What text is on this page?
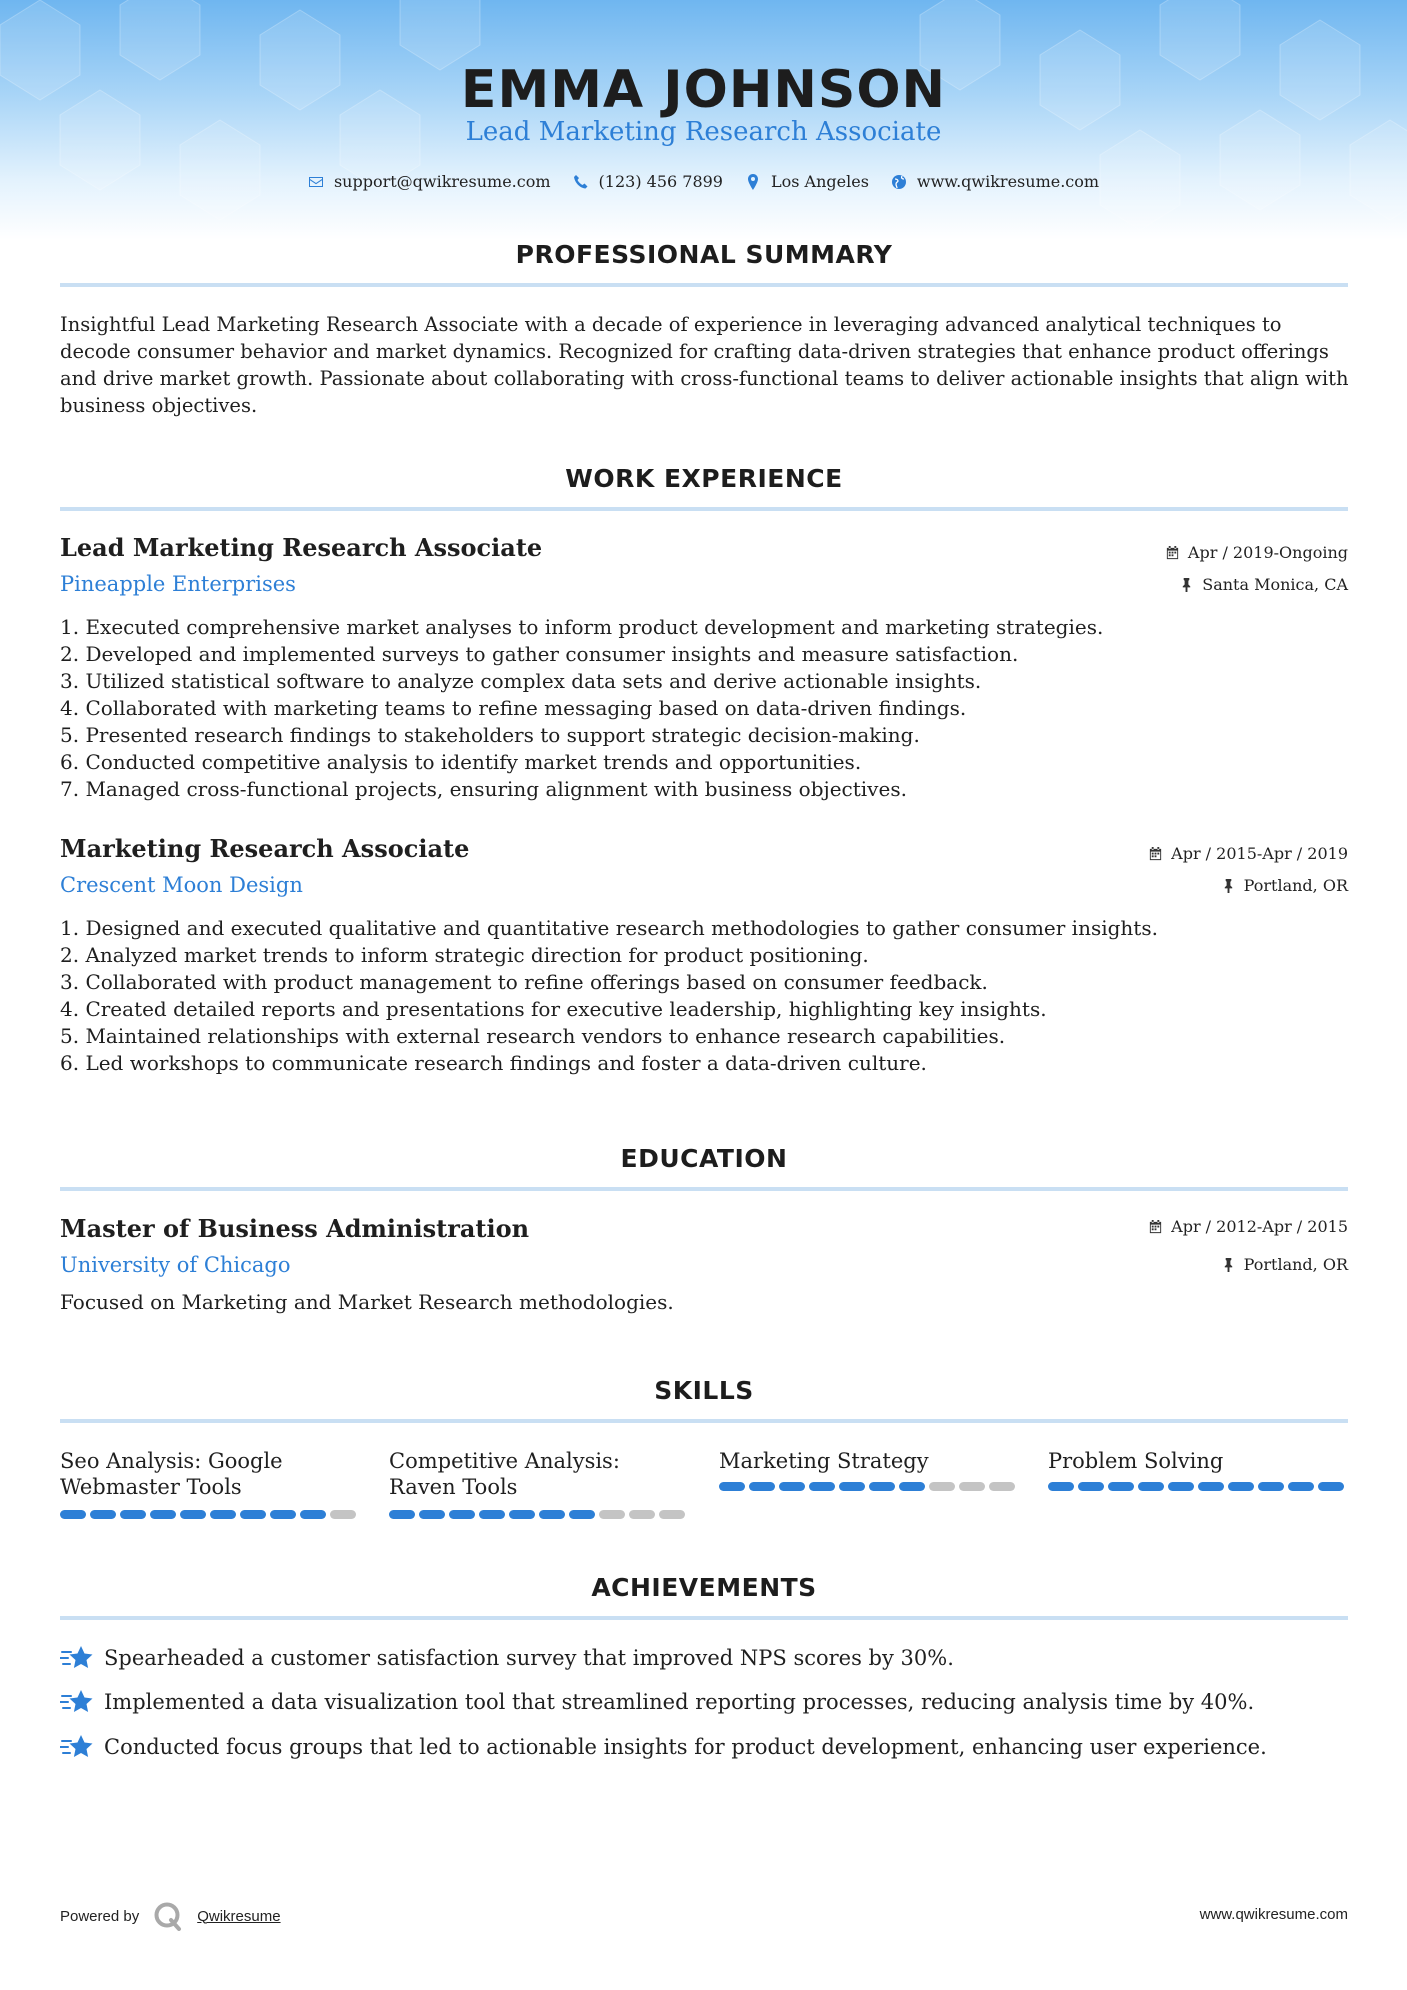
EMMA JOHNSON

Lead Marketing Research Associate

support@qwikresume.com	(123) 456 7899	Los Angeles	www.qwikresume.com
PROFESSIONAL SUMMARY

Insightful Lead Marketing Research Associate with a decade of experience in leveraging advanced analytical techniques to decode consumer behavior and market dynamics. Recognized for crafting data-driven strategies that enhance product offerings and drive market growth. Passionate about collaborating with cross-functional teams to deliver actionable insights that align with business objectives.

WORK EXPERIENCE
Lead Marketing Research Associate

Pineapple Enterprises

Apr / 2019-Ongoing

Santa Monica, CA

1. Executed comprehensive market analyses to inform product development and marketing strategies.
2. Developed and implemented surveys to gather consumer insights and measure satisfaction.
3. Utilized statistical software to analyze complex data sets and derive actionable insights.
4. Collaborated with marketing teams to refine messaging based on data-driven findings.
5. Presented research findings to stakeholders to support strategic decision-making.
6. Conducted competitive analysis to identify market trends and opportunities.
7. Managed cross-functional projects, ensuring alignment with business objectives.
Marketing Research Associate

Crescent Moon Design

Apr / 2015-Apr / 2019

Portland, OR

1. Designed and executed qualitative and quantitative research methodologies to gather consumer insights.
2. Analyzed market trends to inform strategic direction for product positioning.
3. Collaborated with product management to refine offerings based on consumer feedback.
4. Created detailed reports and presentations for executive leadership, highlighting key insights.
5. Maintained relationships with external research vendors to enhance research capabilities.
6. Led workshops to communicate research findings and foster a data-driven culture.
EDUCATION
Master of Business Administration

University of Chicago

Apr / 2012-Apr / 2015

Portland, OR

Focused on Marketing and Market Research methodologies.

SKILLS

Seo Analysis: Google Webmaster Tools

Competitive Analysis: Raven Tools

Marketing Strategy	Problem Solving

ACHIEVEMENTS
Spearheaded a customer satisfaction survey that improved NPS scores by 30%.
Implemented a data visualization tool that streamlined reporting processes, reducing analysis time by 40%.
Conducted focus groups that led to actionable insights for product development, enhancing user experience.
Powered by	Qwikresume	www.qwikresume.com
